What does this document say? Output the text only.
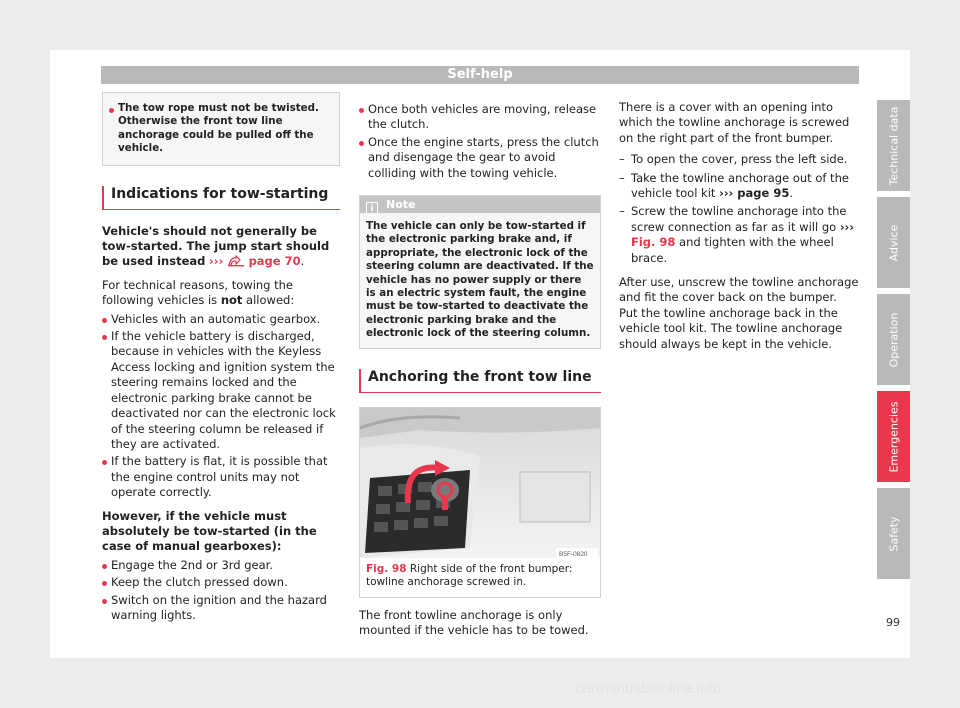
Self-help
The tow rope must not be twisted. Otherwise the front tow line anchorage could be pulled off the vehicle.
Indications for tow-starting

Vehicle's should not generally be tow-started. The jump start should be used instead ››› page 70.

For technical reasons, towing the following vehicles is not allowed:

Vehicles with an automatic gearbox.
If the vehicle battery is discharged, because in vehicles with the Keyless Access locking and ignition system the steering remains locked and the electronic parking brake cannot be deactivated nor can the electronic lock of the steering column be released if they are activated.
If the battery is flat, it is possible that the engine control units may not operate correctly.

However, if the vehicle must absolutely be tow-started (in the case of manual gearboxes):

Engage the 2nd or 3rd gear.
Keep the clutch pressed down.
Switch on the ignition and the hazard warning lights.
Once both vehicles are moving, release the clutch.
Once the engine starts, press the clutch and disengage the gear to avoid colliding with the towing vehicle.
i Note
The vehicle can only be tow-started if the electronic parking brake and, if appropriate, the electronic lock of the steering column are deactivated. If the vehicle has no power supply or there is an electric system fault, the engine must be tow-started to deactivate the electronic parking brake and the electronic lock of the steering column.
Anchoring the front tow line
B5F-0820
Fig. 98 Right side of the front bumper: towline anchorage screwed in.

The front towline anchorage is only mounted if the vehicle has to be towed.

There is a cover with an opening into which the towline anchorage is screwed on the right part of the front bumper.

– To open the cover, press the left side.
– Take the towline anchorage out of the vehicle tool kit ››› page 95.
– Screw the towline anchorage into the screw connection as far as it will go ››› Fig. 98 and tighten with the wheel brace.

After use, unscrew the towline anchorage and fit the cover back on the bumper. Put the towline anchorage back in the vehicle tool kit. The towline anchorage should always be kept in the vehicle.

Technical data
Advice
Operation
Emergencies
Safety
99
carmanualsonline.info
